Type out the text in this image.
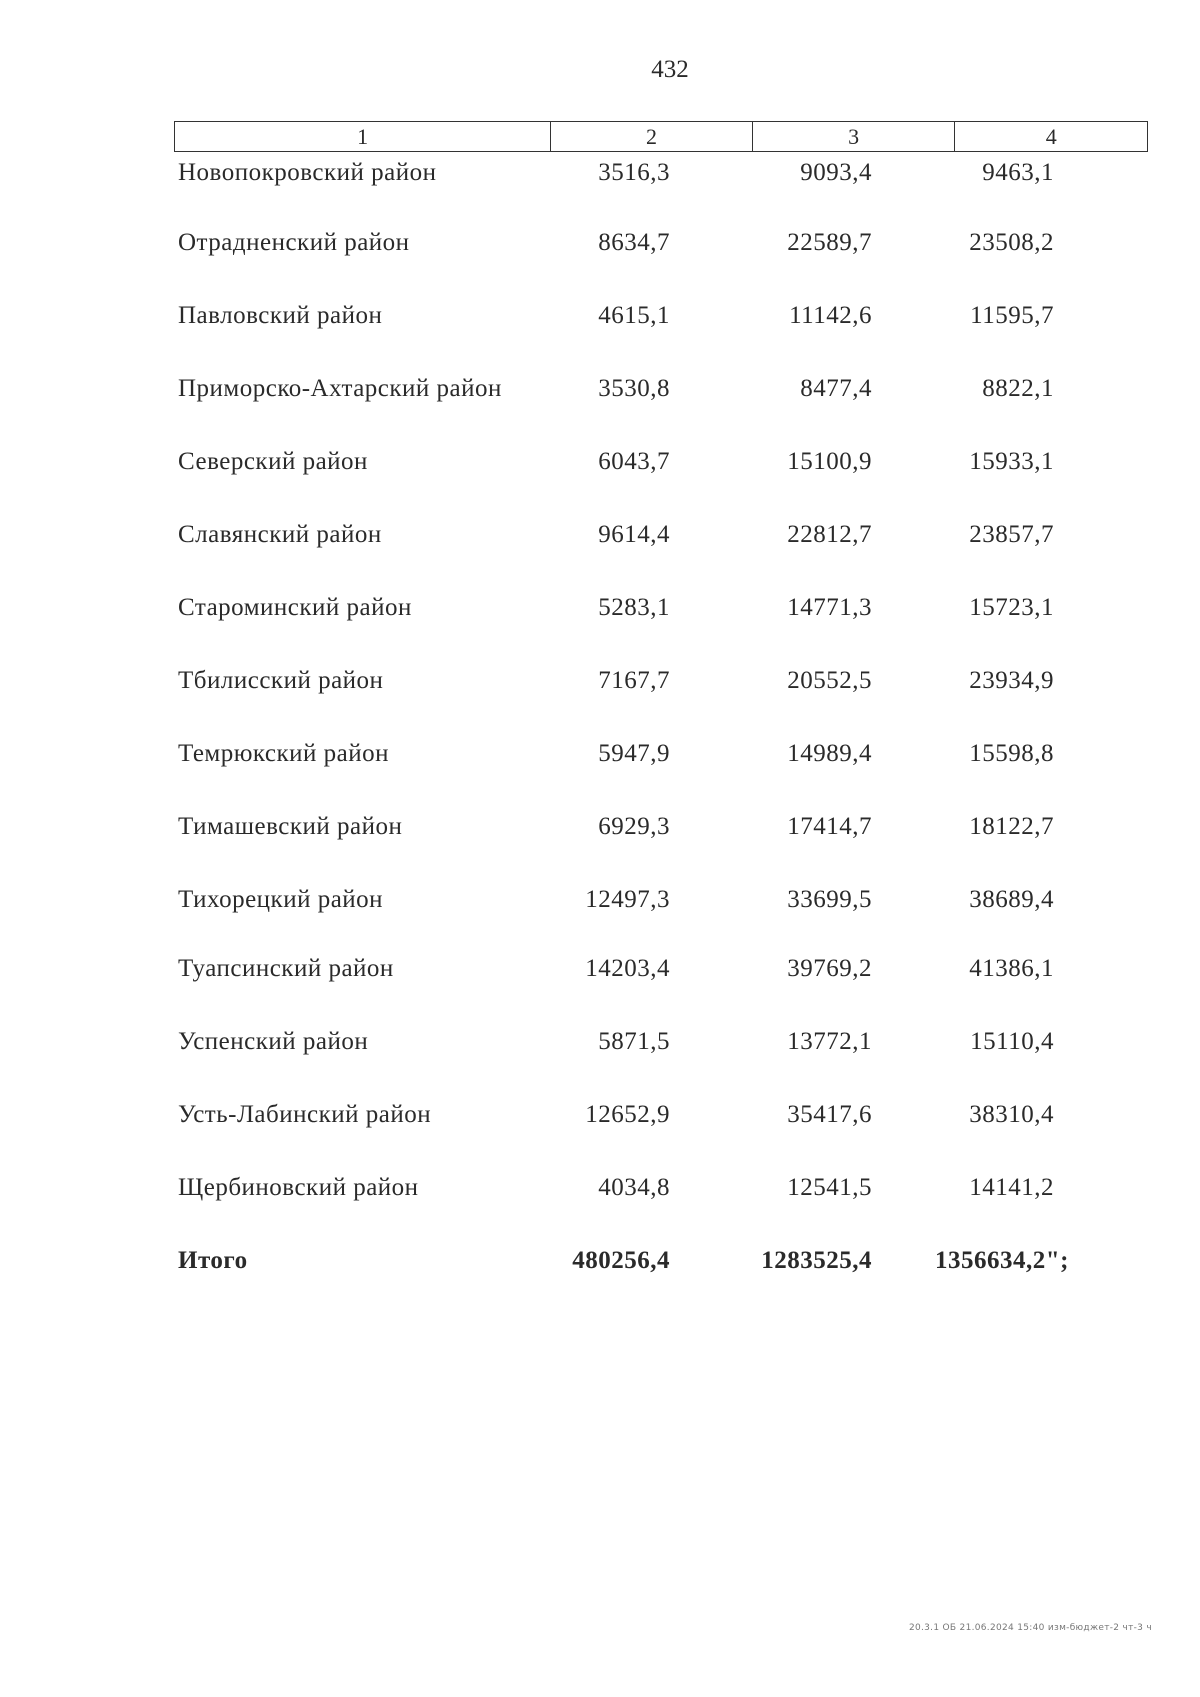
432
1	2	3	4
Новопокровский район	3516,3	9093,4	9463,1
Отрадненский район	8634,7	22589,7	23508,2
Павловский район	4615,1	11142,6	11595,7
Приморско-Ахтарский район	3530,8	8477,4	8822,1
Северский район	6043,7	15100,9	15933,1
Славянский район	9614,4	22812,7	23857,7
Староминский район	5283,1	14771,3	15723,1
Тбилисский район	7167,7	20552,5	23934,9
Темрюкский район	5947,9	14989,4	15598,8
Тимашевский район	6929,3	17414,7	18122,7
Тихорецкий район	12497,3	33699,5	38689,4
Туапсинский район	14203,4	39769,2	41386,1
Успенский район	5871,5	13772,1	15110,4
Усть-Лабинский район	12652,9	35417,6	38310,4
Щербиновский район	4034,8	12541,5	14141,2
Итого	480256,4	1283525,4	1356634,2";
20.3.1 ОБ 21.06.2024 15:40 изм-бюджет-2 чт-3 ч
